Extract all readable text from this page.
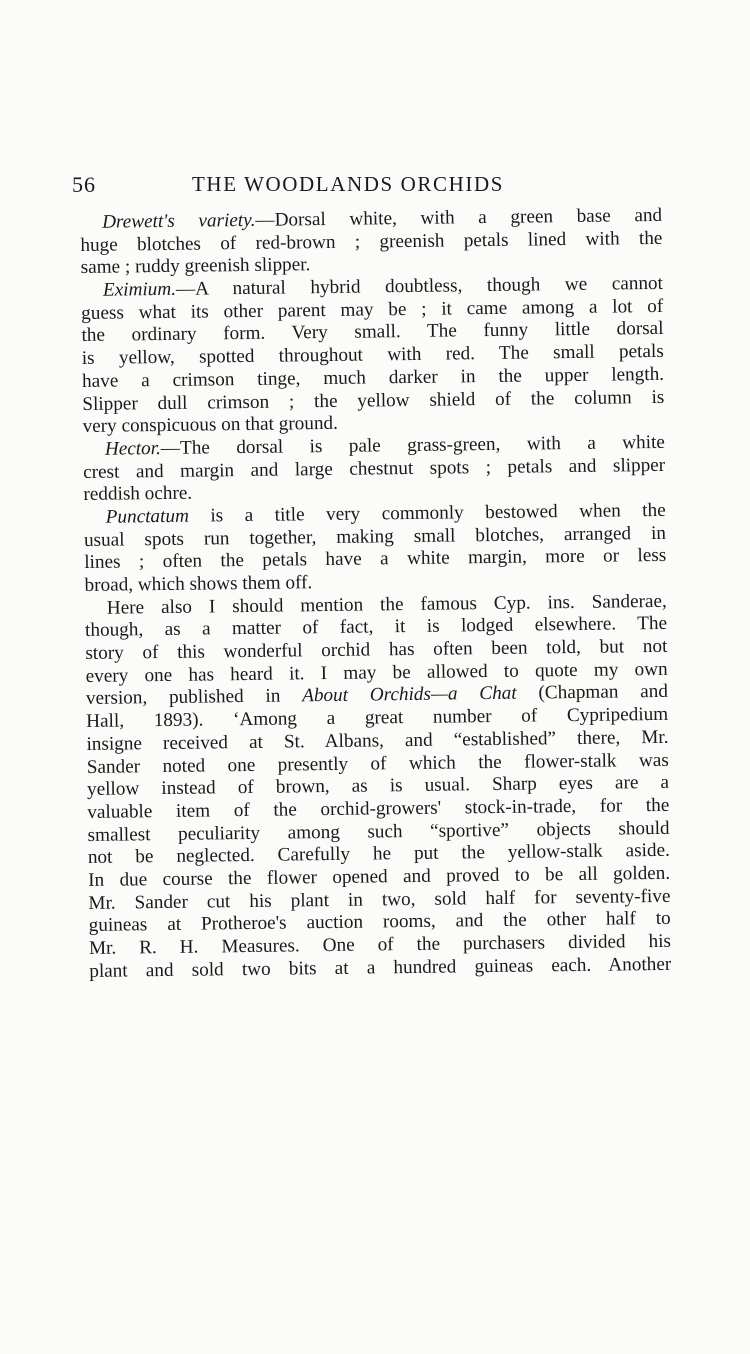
56	THE WOODLANDS ORCHIDS
Drewett's variety.—Dorsal white, with a green base and
huge blotches of red-brown ; greenish petals lined with the
same ; ruddy greenish slipper.
Eximium.—A natural hybrid doubtless, though we cannot
guess what its other parent may be ; it came among a lot of
the ordinary form. Very small. The funny little dorsal
is yellow, spotted throughout with red. The small petals
have a crimson tinge, much darker in the upper length.
Slipper dull crimson ; the yellow shield of the column is
very conspicuous on that ground.
Hector.—The dorsal is pale grass-green, with a white
crest and margin and large chestnut spots ; petals and slipper
reddish ochre.
Punctatum is a title very commonly bestowed when the
usual spots run together, making small blotches, arranged in
lines ; often the petals have a white margin, more or less
broad, which shows them off.
Here also I should mention the famous Cyp. ins. Sanderae,
though, as a matter of fact, it is lodged elsewhere. The
story of this wonderful orchid has often been told, but not
every one has heard it. I may be allowed to quote my own
version, published in About Orchids—a Chat (Chapman and
Hall, 1893). ‘Among a great number of Cypripedium
insigne received at St. Albans, and “established” there, Mr.
Sander noted one presently of which the flower-stalk was
yellow instead of brown, as is usual. Sharp eyes are a
valuable item of the orchid-growers' stock-in-trade, for the
smallest peculiarity among such “sportive” objects should
not be neglected. Carefully he put the yellow-stalk aside.
In due course the flower opened and proved to be all golden.
Mr. Sander cut his plant in two, sold half for seventy-five
guineas at Protheroe's auction rooms, and the other half to
Mr. R. H. Measures. One of the purchasers divided his
plant and sold two bits at a hundred guineas each. Another
